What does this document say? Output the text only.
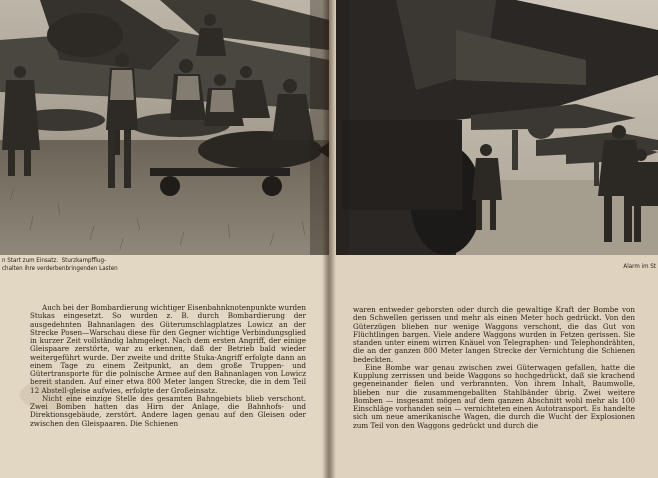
n Start zum Einsatz.  Sturzkampfflug-
chalten ihre verderbenbringenden Lasten

Auch bei der Bombardierung wichtiger Eisenbahnknotenpunkte wurden Stukas eingesetzt. So wurden z. B. durch Bombardierung der ausgedehnten Bahnanlagen des Güterumschlagplatzes Lowicz an der Strecke Posen—Warschau diese für den Gegner wichtige Verbindungsglied in kurzer Zeit vollständig lahmgelegt. Nach dem ersten Angriff, der einige Gleispaare zerstörte, war zu erkennen, daß der Betrieb bald wieder weitergeführt wurde. Der zweite und dritte Stuka-Angriff erfolgte dann an einem Tage zu einem Zeitpunkt, an dem große Truppen- und Gütertransporte für die polnische Armee auf den Bahnanlagen von Lowicz bereit standen. Auf einer etwa 800 Meter langen Strecke, die in dem Teil 12 Abstell-gleise aufwies, erfolgte der Großeinsatz.

Nicht eine einzige Stelle des gesamten Bahngebiets blieb verschont. Zwei Bomben hatten das Hirn der Anlage, die Bahnhofs- und Direktionsgebäude, zerstört. Andere lagen genau auf den Gleisen oder zwischen den Gleispaaren. Die Schienen

Alarm im St

waren entweder geborsten oder durch die gewaltige Kraft der Bombe von den Schwellen gerissen und mehr als einen Meter hoch gedrückt. Von den Güterzügen blieben nur wenige Waggons verschont, die das Gut von Flüchtlingen bargen. Viele andere Waggons wurden in Fetzen gerissen. Sie standen unter einem wirren Knäuel von Telegraphen- und Telephondrähten, die an der ganzen 800 Meter langen Strecke der Vernichtung die Schienen bedeckten.

Eine Bombe war genau zwischen zwei Güterwagen gefallen, hatte die Kupplung zerrissen und beide Waggons so hochgedrückt, daß sie krachend gegeneinander fielen und verbrannten. Von ihrem Inhalt, Baumwolle, blieben nur die zusammengeballten Stahlbänder übrig. Zwei weitere Bomben — insgesamt mögen auf dem ganzen Abschnitt wohl mehr als 100 Einschläge vorhanden sein — vernichteten einen Autotransport. Es handelte sich um neue amerikanische Wagen, die durch die Wucht der Explosionen zum Teil von den Waggons gedrückt und durch die
